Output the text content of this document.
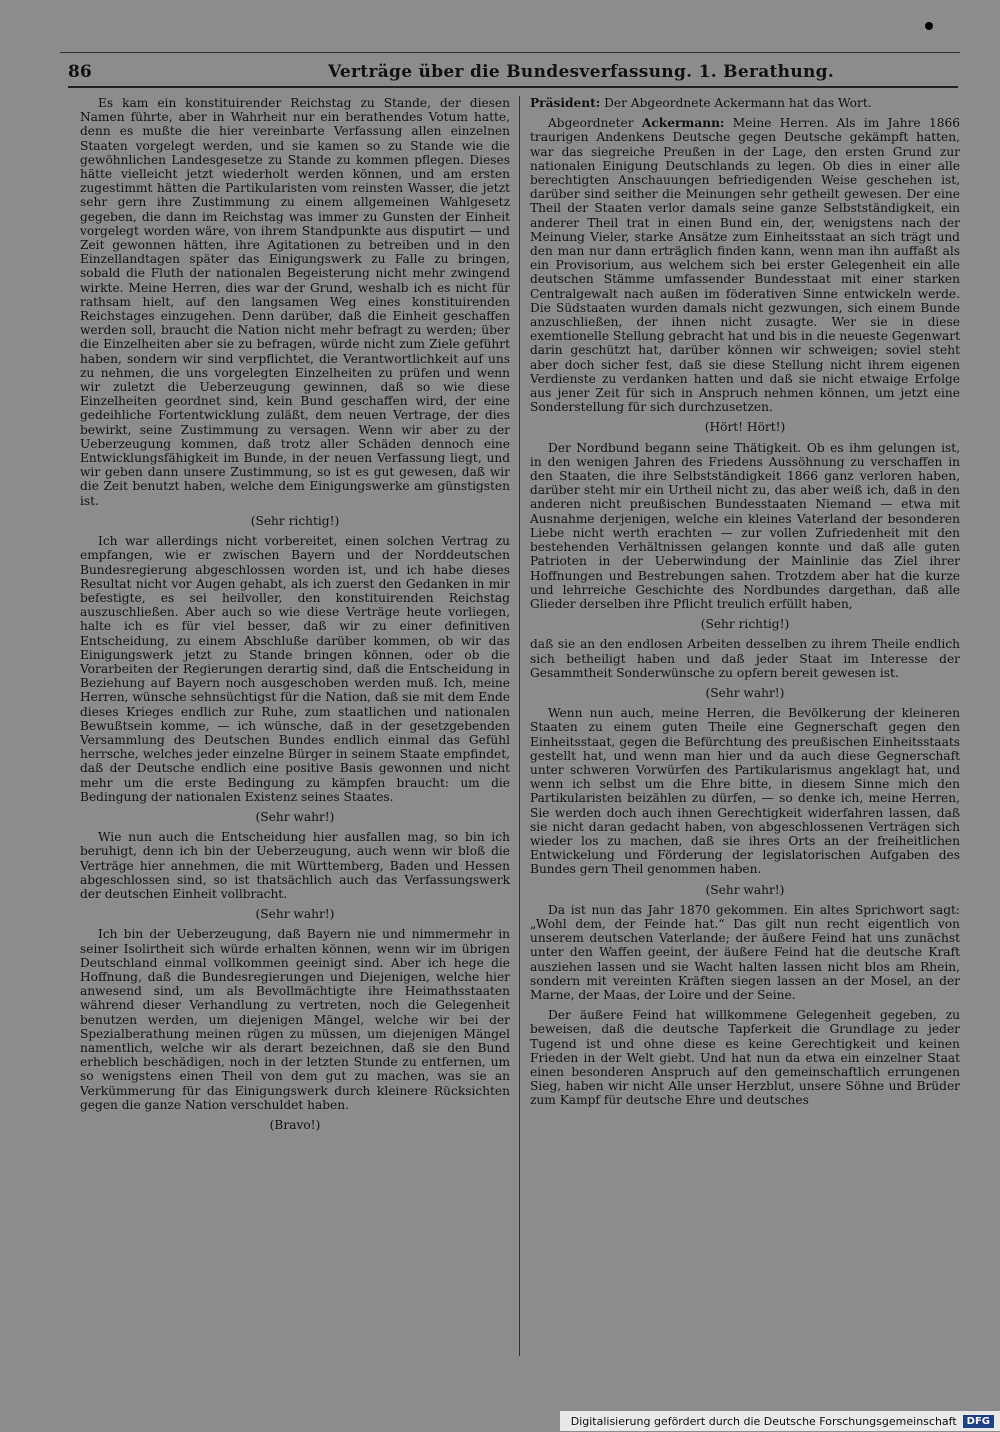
86	Verträge über die Bundesverfassung. 1. Berathung.

Es kam ein konstituirender Reichstag zu Stande, der diesen Namen führte, aber in Wahrheit nur ein berathendes Votum hatte, denn es mußte die hier vereinbarte Verfassung allen einzelnen Staaten vorgelegt werden, und sie kamen so zu Stande wie die gewöhnlichen Landesgesetze zu Stande zu kommen pflegen. Dieses hätte vielleicht jetzt wiederholt werden können, und am ersten zugestimmt hätten die Partikularisten vom reinsten Wasser, die jetzt sehr gern ihre Zustimmung zu einem allgemeinen Wahlgesetz gegeben, die dann im Reichstag was immer zu Gunsten der Einheit vorgelegt worden wäre, von ihrem Standpunkte aus disputirt — und Zeit gewonnen hätten, ihre Agitationen zu betreiben und in den Einzellandtagen später das Einigungswerk zu Falle zu bringen, sobald die Fluth der nationalen Begeisterung nicht mehr zwingend wirkte. Meine Herren, dies war der Grund, weshalb ich es nicht für rathsam hielt, auf den langsamen Weg eines konstituirenden Reichstages einzugehen. Denn darüber, daß die Einheit geschaffen werden soll, braucht die Nation nicht mehr befragt zu werden; über die Einzelheiten aber sie zu befragen, würde nicht zum Ziele geführt haben, sondern wir sind verpflichtet, die Verantwortlichkeit auf uns zu nehmen, die uns vorgelegten Einzelheiten zu prüfen und wenn wir zuletzt die Ueberzeugung gewinnen, daß so wie diese Einzelheiten geordnet sind, kein Bund geschaffen wird, der eine gedeihliche Fortentwicklung zuläßt, dem neuen Vertrage, der dies bewirkt, seine Zustimmung zu versagen. Wenn wir aber zu der Ueberzeugung kommen, daß trotz aller Schäden dennoch eine Entwicklungsfähigkeit im Bunde, in der neuen Verfassung liegt, und wir geben dann unsere Zustimmung, so ist es gut gewesen, daß wir die Zeit benutzt haben, welche dem Einigungswerke am günstigsten ist.

(Sehr richtig!)

Ich war allerdings nicht vorbereitet, einen solchen Vertrag zu empfangen, wie er zwischen Bayern und der Norddeutschen Bundesregierung abgeschlossen worden ist, und ich habe dieses Resultat nicht vor Augen gehabt, als ich zuerst den Gedanken in mir befestigte, es sei heilvoller, den konstituirenden Reichstag auszuschließen. Aber auch so wie diese Verträge heute vorliegen, halte ich es für viel besser, daß wir zu einer definitiven Entscheidung, zu einem Abschluße darüber kommen, ob wir das Einigungswerk jetzt zu Stande bringen können, oder ob die Vorarbeiten der Regierungen derartig sind, daß die Entscheidung in Beziehung auf Bayern noch ausgeschoben werden muß. Ich, meine Herren, wünsche sehnsüchtigst für die Nation, daß sie mit dem Ende dieses Krieges endlich zur Ruhe, zum staatlichen und nationalen Bewußtsein komme, — ich wünsche, daß in der gesetzgebenden Versammlung des Deutschen Bundes endlich einmal das Gefühl herrsche, welches jeder einzelne Bürger in seinem Staate empfindet, daß der Deutsche endlich eine positive Basis gewonnen und nicht mehr um die erste Bedingung zu kämpfen braucht: um die Bedingung der nationalen Existenz seines Staates.

(Sehr wahr!)

Wie nun auch die Entscheidung hier ausfallen mag, so bin ich beruhigt, denn ich bin der Ueberzeugung, auch wenn wir bloß die Verträge hier annehmen, die mit Württemberg, Baden und Hessen abgeschlossen sind, so ist thatsächlich auch das Verfassungswerk der deutschen Einheit vollbracht.

(Sehr wahr!)

Ich bin der Ueberzeugung, daß Bayern nie und nimmermehr in seiner Isolirtheit sich würde erhalten können, wenn wir im übrigen Deutschland einmal vollkommen geeinigt sind. Aber ich hege die Hoffnung, daß die Bundesregierungen und Diejenigen, welche hier anwesend sind, um als Bevollmächtigte ihre Heimathsstaaten während dieser Verhandlung zu vertreten, noch die Gelegenheit benutzen werden, um diejenigen Mängel, welche wir bei der Spezialberathung meinen rügen zu müssen, um diejenigen Mängel namentlich, welche wir als derart bezeichnen, daß sie den Bund erheblich beschädigen, noch in der letzten Stunde zu entfernen, um so wenigstens einen Theil von dem gut zu machen, was sie an Verkümmerung für das Einigungswerk durch kleinere Rücksichten gegen die ganze Nation verschuldet haben.

(Bravo!)

Präsident: Der Abgeordnete Ackermann hat das Wort.

Abgeordneter Ackermann: Meine Herren. Als im Jahre 1866 traurigen Andenkens Deutsche gegen Deutsche gekämpft hatten, war das siegreiche Preußen in der Lage, den ersten Grund zur nationalen Einigung Deutschlands zu legen. Ob dies in einer alle berechtigten Anschauungen befriedigenden Weise geschehen ist, darüber sind seither die Meinungen sehr getheilt gewesen. Der eine Theil der Staaten verlor damals seine ganze Selbstständigkeit, ein anderer Theil trat in einen Bund ein, der, wenigstens nach der Meinung Vieler, starke Ansätze zum Einheitsstaat an sich trägt und den man nur dann erträglich finden kann, wenn man ihn auffaßt als ein Provisorium, aus welchem sich bei erster Gelegenheit ein alle deutschen Stämme umfassender Bundesstaat mit einer starken Centralgewalt nach außen im föderativen Sinne entwickeln werde. Die Südstaaten wurden damals nicht gezwungen, sich einem Bunde anzuschließen, der ihnen nicht zusagte. Wer sie in diese exemtionelle Stellung gebracht hat und bis in die neueste Gegenwart darin geschützt hat, darüber können wir schweigen; soviel steht aber doch sicher fest, daß sie diese Stellung nicht ihrem eigenen Verdienste zu verdanken hatten und daß sie nicht etwaige Erfolge aus jener Zeit für sich in Anspruch nehmen können, um jetzt eine Sonderstellung für sich durchzusetzen.

(Hört! Hört!)

Der Nordbund begann seine Thätigkeit. Ob es ihm gelungen ist, in den wenigen Jahren des Friedens Aussöhnung zu verschaffen in den Staaten, die ihre Selbstständigkeit 1866 ganz verloren haben, darüber steht mir ein Urtheil nicht zu, das aber weiß ich, daß in den anderen nicht preußischen Bundesstaaten Niemand — etwa mit Ausnahme derjenigen, welche ein kleines Vaterland der besonderen Liebe nicht werth erachten — zur vollen Zufriedenheit mit den bestehenden Verhältnissen gelangen konnte und daß alle guten Patrioten in der Ueberwindung der Mainlinie das Ziel ihrer Hoffnungen und Bestrebungen sahen. Trotzdem aber hat die kurze und lehrreiche Geschichte des Nordbundes dargethan, daß alle Glieder derselben ihre Pflicht treulich erfüllt haben,

(Sehr richtig!)

daß sie an den endlosen Arbeiten desselben zu ihrem Theile endlich sich betheiligt haben und daß jeder Staat im Interesse der Gesammtheit Sonderwünsche zu opfern bereit gewesen ist.

(Sehr wahr!)

Wenn nun auch, meine Herren, die Bevölkerung der kleineren Staaten zu einem guten Theile eine Gegnerschaft gegen den Einheitsstaat, gegen die Befürchtung des preußischen Einheitsstaats gestellt hat, und wenn man hier und da auch diese Gegnerschaft unter schweren Vorwürfen des Partikularismus angeklagt hat, und wenn ich selbst um die Ehre bitte, in diesem Sinne mich den Partikularisten beizählen zu dürfen, — so denke ich, meine Herren, Sie werden doch auch ihnen Gerechtigkeit widerfahren lassen, daß sie nicht daran gedacht haben, von abgeschlossenen Verträgen sich wieder los zu machen, daß sie ihres Orts an der freiheitlichen Entwickelung und Förderung der legislatorischen Aufgaben des Bundes gern Theil genommen haben.

(Sehr wahr!)

Da ist nun das Jahr 1870 gekommen. Ein altes Sprichwort sagt: „Wohl dem, der Feinde hat.“ Das gilt nun recht eigentlich von unserem deutschen Vaterlande; der äußere Feind hat uns zunächst unter den Waffen geeint, der äußere Feind hat die deutsche Kraft ausziehen lassen und sie Wacht halten lassen nicht blos am Rhein, sondern mit vereinten Kräften siegen lassen an der Mosel, an der Marne, der Maas, der Loire und der Seine.

Der äußere Feind hat willkommene Gelegenheit gegeben, zu beweisen, daß die deutsche Tapferkeit die Grundlage zu jeder Tugend ist und ohne diese es keine Gerechtigkeit und keinen Frieden in der Welt giebt. Und hat nun da etwa ein einzelner Staat einen besonderen Anspruch auf den gemeinschaftlich errungenen Sieg, haben wir nicht Alle unser Herzblut, unsere Söhne und Brüder zum Kampf für deutsche Ehre und deutsches

Digitalisierung gefördert durch die Deutsche Forschungsgemeinschaft	DFG
